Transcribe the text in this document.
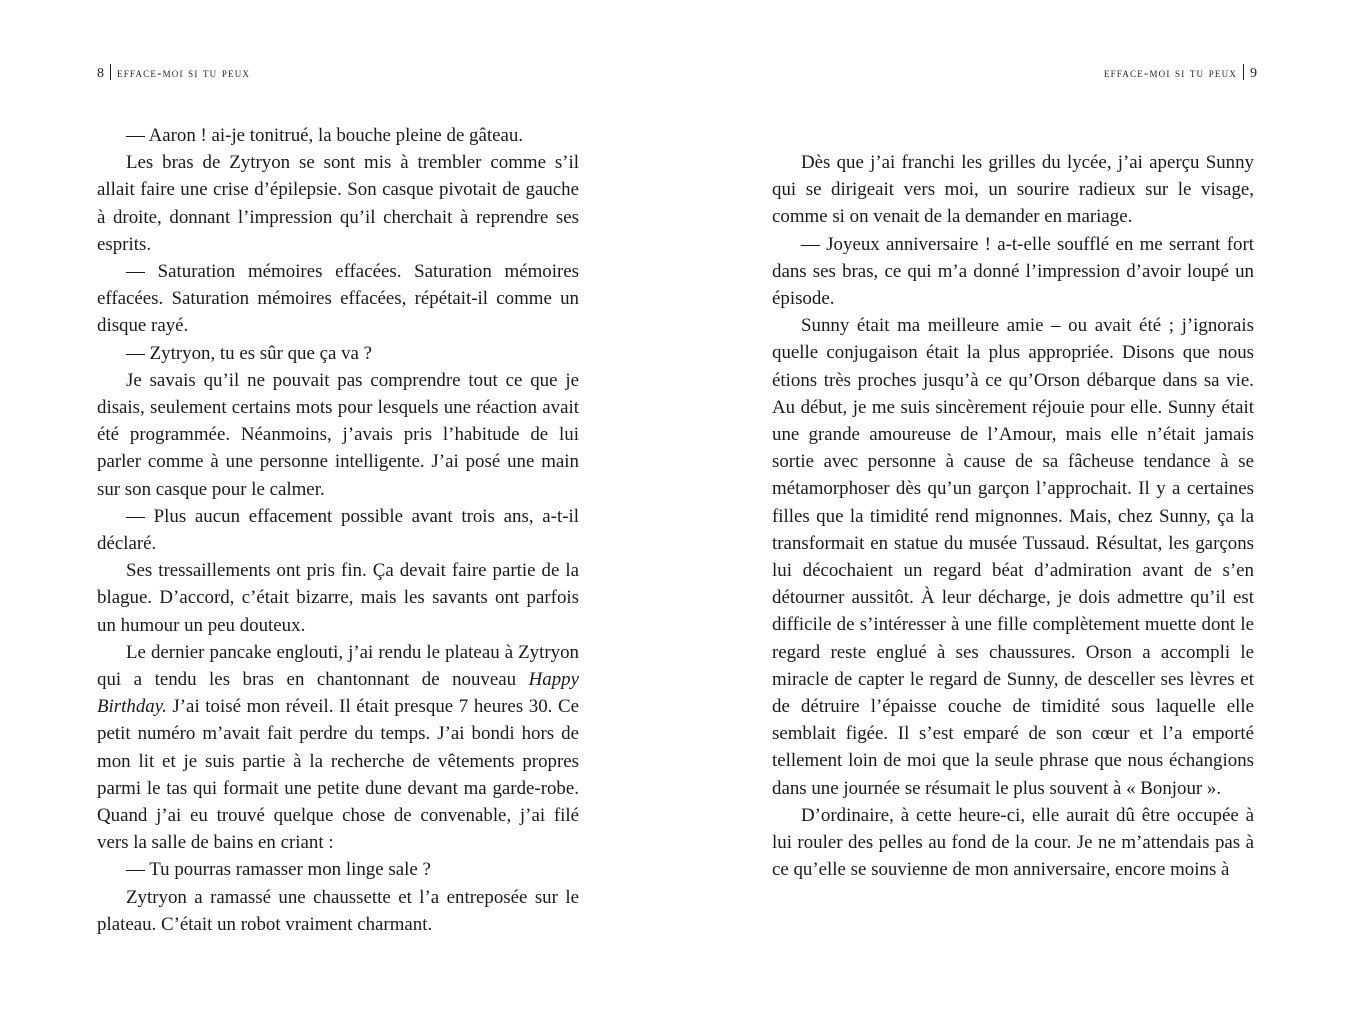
8 efface-moi si tu peux

— Aaron ! ai-je tonitrué, la bouche pleine de gâteau.

Les bras de Zytryon se sont mis à trembler comme s’il allait faire une crise d’épilepsie. Son casque pivotait de gauche à droite, donnant l’impression qu’il cherchait à reprendre ses esprits.

— Saturation mémoires effacées. Saturation mémoires effacées. Saturation mémoires effacées, répétait-il comme un disque rayé.

— Zytryon, tu es sûr que ça va ?

Je savais qu’il ne pouvait pas comprendre tout ce que je disais, seulement certains mots pour lesquels une réaction avait été programmée. Néanmoins, j’avais pris l’habitude de lui parler comme à une personne intelligente. J’ai posé une main sur son casque pour le calmer.

— Plus aucun effacement possible avant trois ans, a-t-il déclaré.

Ses tressaillements ont pris fin. Ça devait faire partie de la blague. D’accord, c’était bizarre, mais les savants ont parfois un humour un peu douteux.

Le dernier pancake englouti, j’ai rendu le plateau à Zytryon qui a tendu les bras en chantonnant de nouveau Happy Birthday. J’ai toisé mon réveil. Il était presque 7 heures 30. Ce petit numéro m’avait fait perdre du temps. J’ai bondi hors de mon lit et je suis partie à la recherche de vêtements propres parmi le tas qui formait une petite dune devant ma garde-robe. Quand j’ai eu trouvé quelque chose de convenable, j’ai filé vers la salle de bains en criant :

— Tu pourras ramasser mon linge sale ?

Zytryon a ramassé une chaussette et l’a entreposée sur le plateau. C’était un robot vraiment charmant.

efface-moi si tu peux 9

Dès que j’ai franchi les grilles du lycée, j’ai aperçu Sunny qui se dirigeait vers moi, un sourire radieux sur le visage, comme si on venait de la demander en mariage.

— Joyeux anniversaire ! a-t-elle soufflé en me serrant fort dans ses bras, ce qui m’a donné l’impression d’avoir loupé un épisode.

Sunny était ma meilleure amie – ou avait été ; j’ignorais quelle conjugaison était la plus appropriée. Disons que nous étions très proches jusqu’à ce qu’Orson débarque dans sa vie. Au début, je me suis sincèrement réjouie pour elle. Sunny était une grande amoureuse de l’Amour, mais elle n’était jamais sortie avec personne à cause de sa fâcheuse tendance à se métamorphoser dès qu’un garçon l’approchait. Il y a certaines filles que la timidité rend mignonnes. Mais, chez Sunny, ça la transformait en statue du musée Tussaud. Résultat, les garçons lui décochaient un regard béat d’admiration avant de s’en détourner aussitôt. À leur décharge, je dois admettre qu’il est difficile de s’intéresser à une fille complètement muette dont le regard reste englué à ses chaussures. Orson a accompli le miracle de capter le regard de Sunny, de desceller ses lèvres et de détruire l’épaisse couche de timidité sous laquelle elle semblait figée. Il s’est emparé de son cœur et l’a emporté tellement loin de moi que la seule phrase que nous échangions dans une journée se résumait le plus souvent à « Bonjour ».

D’ordinaire, à cette heure-ci, elle aurait dû être occupée à lui rouler des pelles au fond de la cour. Je ne m’attendais pas à ce qu’elle se souvienne de mon anniversaire, encore moins à
